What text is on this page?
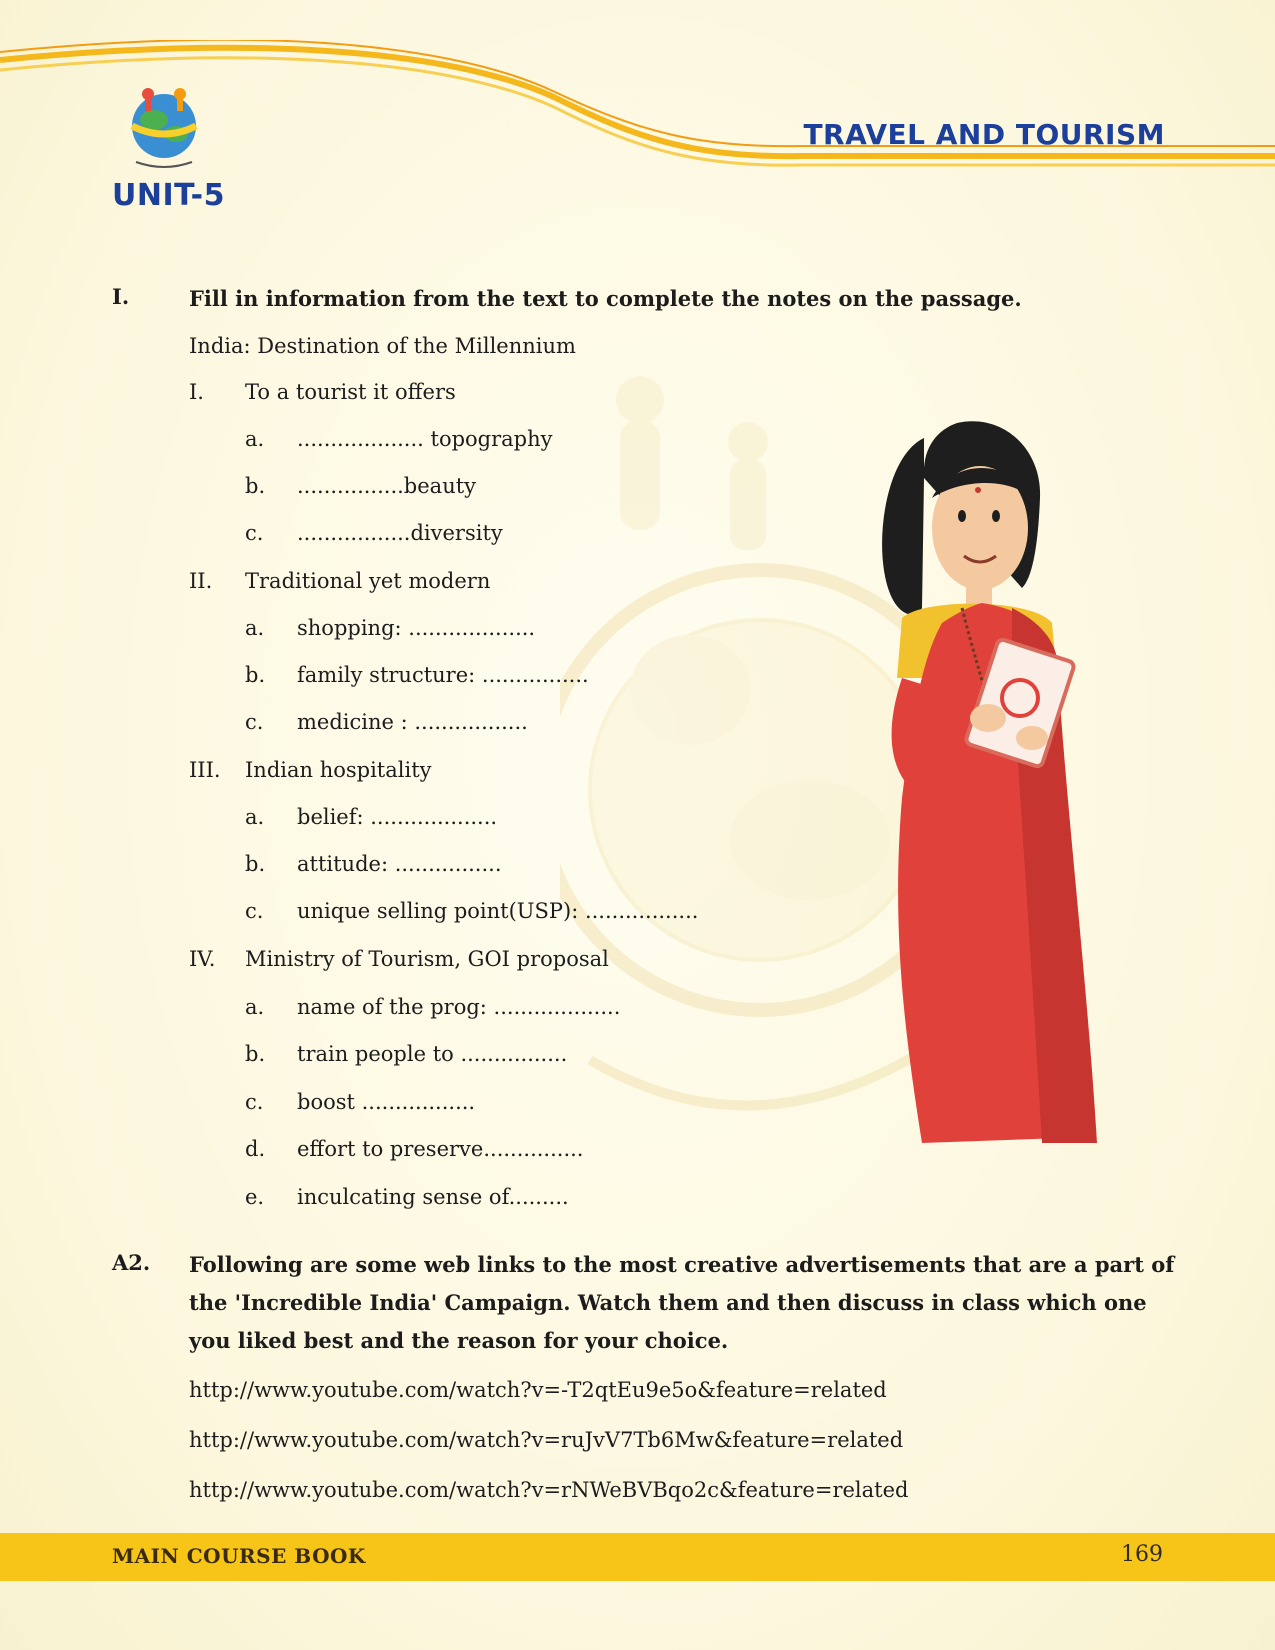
UNIT-5
TRAVEL AND TOURISM
I.	Fill in information from the text to complete the notes on the passage.
India: Destination of the Millennium
I. To a tourist it offers
a. ................... topography
b. ................beauty
c. .................diversity
II. Traditional yet modern
a. shopping: ...................
b. family structure: ................
c. medicine : .................
III. Indian hospitality
a. belief: ...................
b. attitude: ................
c. unique selling point(USP): .................
IV. Ministry of Tourism, GOI proposal
a. name of the prog: ...................
b. train people to ................
c. boost .................
d. effort to preserve...............
e. inculcating sense of.........
A2. Following are some web links to the most creative advertisements that are a part of the 'Incredible India' Campaign. Watch them and then discuss in class which one you liked best and the reason for your choice.
http://www.youtube.com/watch?v=-T2qtEu9e5o&feature=related
http://www.youtube.com/watch?v=ruJvV7Tb6Mw&feature=related
http://www.youtube.com/watch?v=rNWeBVBqo2c&feature=related
MAIN COURSE BOOK	169
